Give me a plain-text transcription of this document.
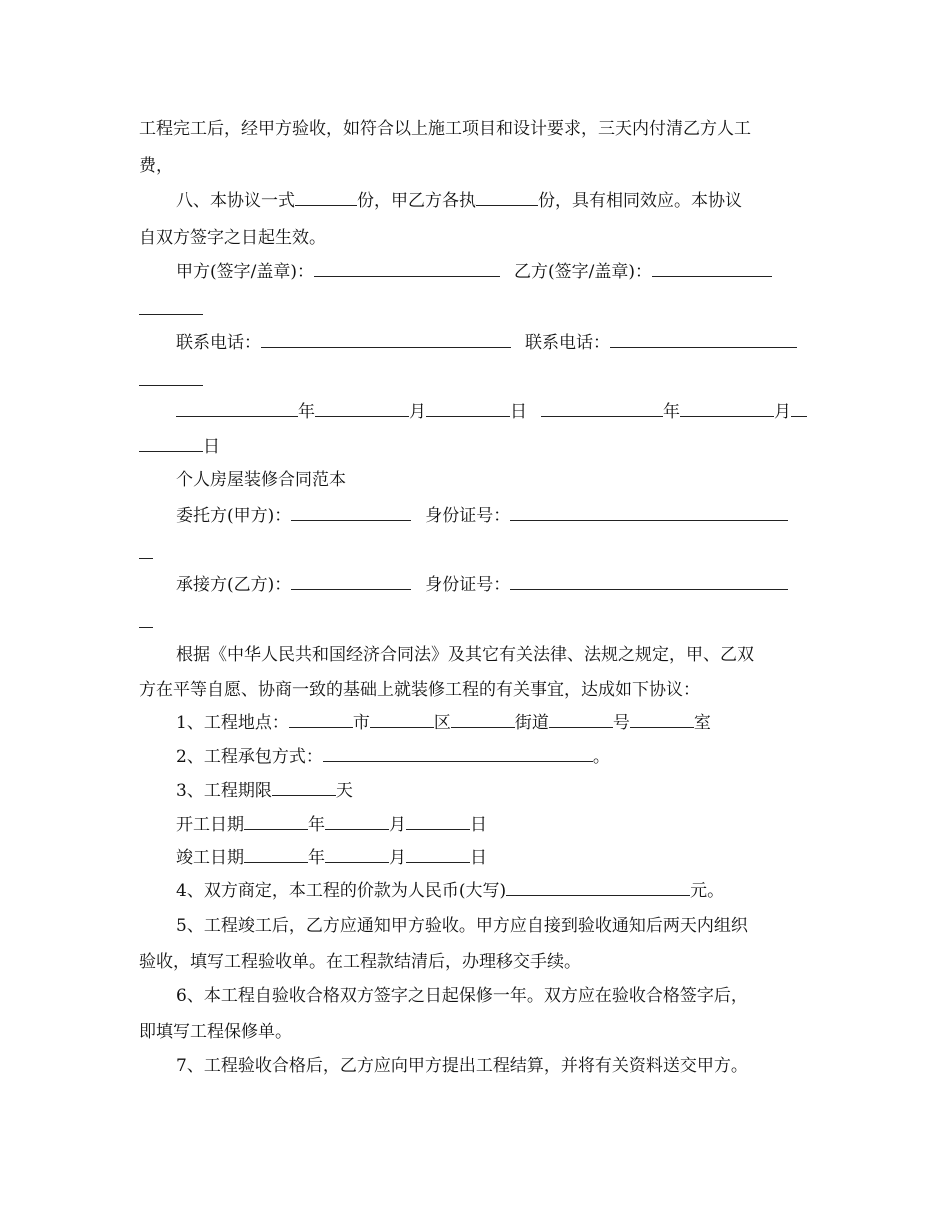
工程完工后，经甲方验收，如符合以上施工项目和设计要求，三天内付清乙方人工
费，
八、本协议一式	份，甲乙方各执	份，具有相同效应。本协议
自双方签字之日起生效。
甲方(签字/盖章)：	乙方(签字/盖章)：
联系电话：	联系电话：
年	月	日	年	月
日
个人房屋装修合同范本
委托方(甲方)：	身份证号：
承接方(乙方)：	身份证号：
根据《中华人民共和国经济合同法》及其它有关法律、法规之规定，甲、乙双
方在平等自愿、协商一致的基础上就装修工程的有关事宜，达成如下协议：
1、工程地点：	市	区	街道	号	室
2、工程承包方式：	。
3、工程期限	天
开工日期	年	月	日
竣工日期	年	月	日
4、双方商定，本工程的价款为人民币(大写)	元。
5、工程竣工后，乙方应通知甲方验收。甲方应自接到验收通知后两天内组织
验收，填写工程验收单。在工程款结清后，办理移交手续。
6、本工程自验收合格双方签字之日起保修一年。双方应在验收合格签字后，
即填写工程保修单。
7、工程验收合格后，乙方应向甲方提出工程结算，并将有关资料送交甲方。
